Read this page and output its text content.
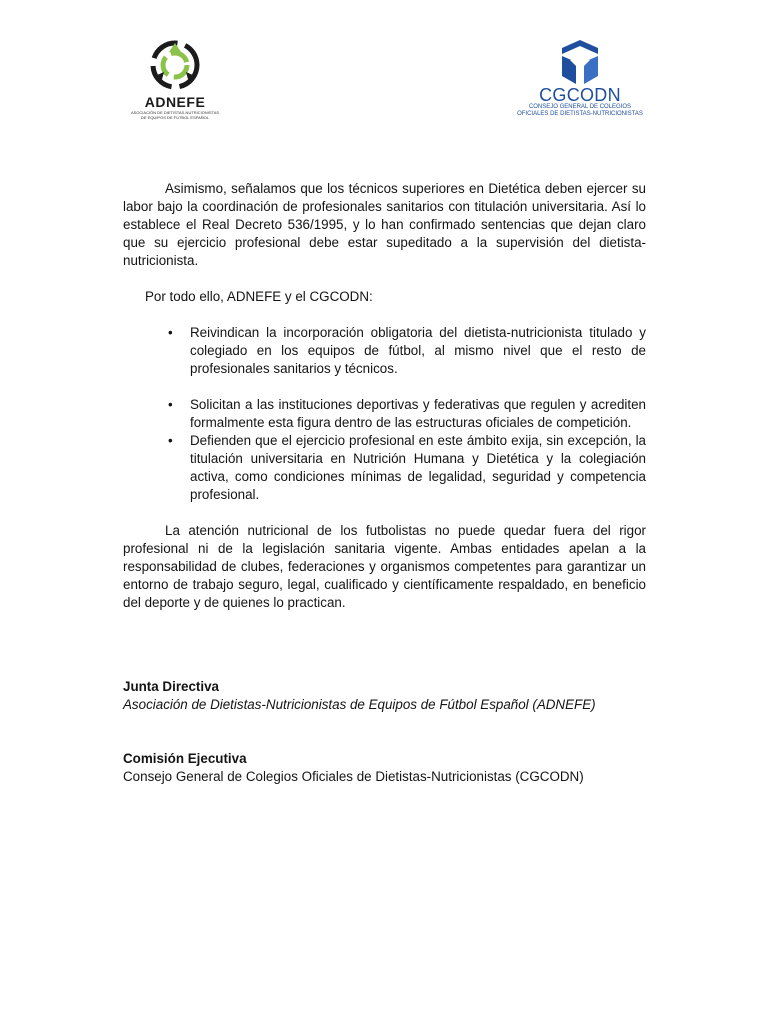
ADNEFE
ASOCIACIÓN DE DIETISTAS-NUTRICIONISTAS
DE EQUIPOS DE FÚTBOL ESPAÑOL
CGCODN
CONSEJO GENERAL DE COLEGIOS
OFICIALES DE DIETISTAS-NUTRICIONISTAS

Asimismo, señalamos que los técnicos superiores en Dietética deben ejercer su labor bajo la coordinación de profesionales sanitarios con titulación universitaria. Así lo establece el Real Decreto 536/1995, y lo han confirmado sentencias que dejan claro que su ejercicio profesional debe estar supeditado a la supervisión del dietista-nutricionista.

Por todo ello, ADNEFE y el CGCODN:

• Reivindican la incorporación obligatoria del dietista-nutricionista titulado y colegiado en los equipos de fútbol, al mismo nivel que el resto de profesionales sanitarios y técnicos.
• Solicitan a las instituciones deportivas y federativas que regulen y acrediten formalmente esta figura dentro de las estructuras oficiales de competición.
• Defienden que el ejercicio profesional en este ámbito exija, sin excepción, la titulación universitaria en Nutrición Humana y Dietética y la colegiación activa, como condiciones mínimas de legalidad, seguridad y competencia profesional.

La atención nutricional de los futbolistas no puede quedar fuera del rigor profesional ni de la legislación sanitaria vigente. Ambas entidades apelan a la responsabilidad de clubes, federaciones y organismos competentes para garantizar un entorno de trabajo seguro, legal, cualificado y científicamente respaldado, en beneficio del deporte y de quienes lo practican.

Junta Directiva
Asociación de Dietistas-Nutricionistas de Equipos de Fútbol Español (ADNEFE)
Comisión Ejecutiva
Consejo General de Colegios Oficiales de Dietistas-Nutricionistas (CGCODN)
